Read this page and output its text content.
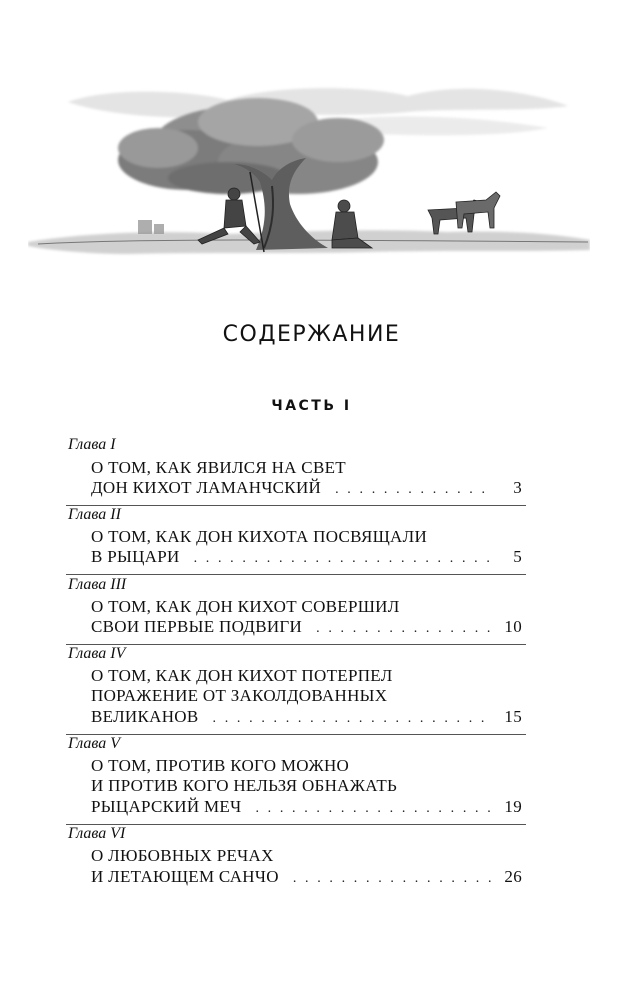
СОДЕРЖАНИЕ
ЧАСТЬ I
Глава I
О ТОМ, КАК ЯВИЛСЯ НА СВЕТ
ДОН КИХОТ ЛАМАНЧСКИЙ . . .	3
Глава II
О ТОМ, КАК ДОН КИХОТА ПОСВЯЩАЛИ
В РЫЦАРИ . . .	5
Глава III
О ТОМ, КАК ДОН КИХОТ СОВЕРШИЛ
СВОИ ПЕРВЫЕ ПОДВИГИ . . .	10
Глава IV
О ТОМ, КАК ДОН КИХОТ ПОТЕРПЕЛ
ПОРАЖЕНИЕ ОТ ЗАКОЛДОВАННЫХ
ВЕЛИКАНОВ . . .	15
Глава V
О ТОМ, ПРОТИВ КОГО МОЖНО
И ПРОТИВ КОГО НЕЛЬЗЯ ОБНАЖАТЬ
РЫЦАРСКИЙ МЕЧ . . .	19
Глава VI
О ЛЮБОВНЫХ РЕЧАХ
И ЛЕТАЮЩЕМ САНЧО . . .	26
